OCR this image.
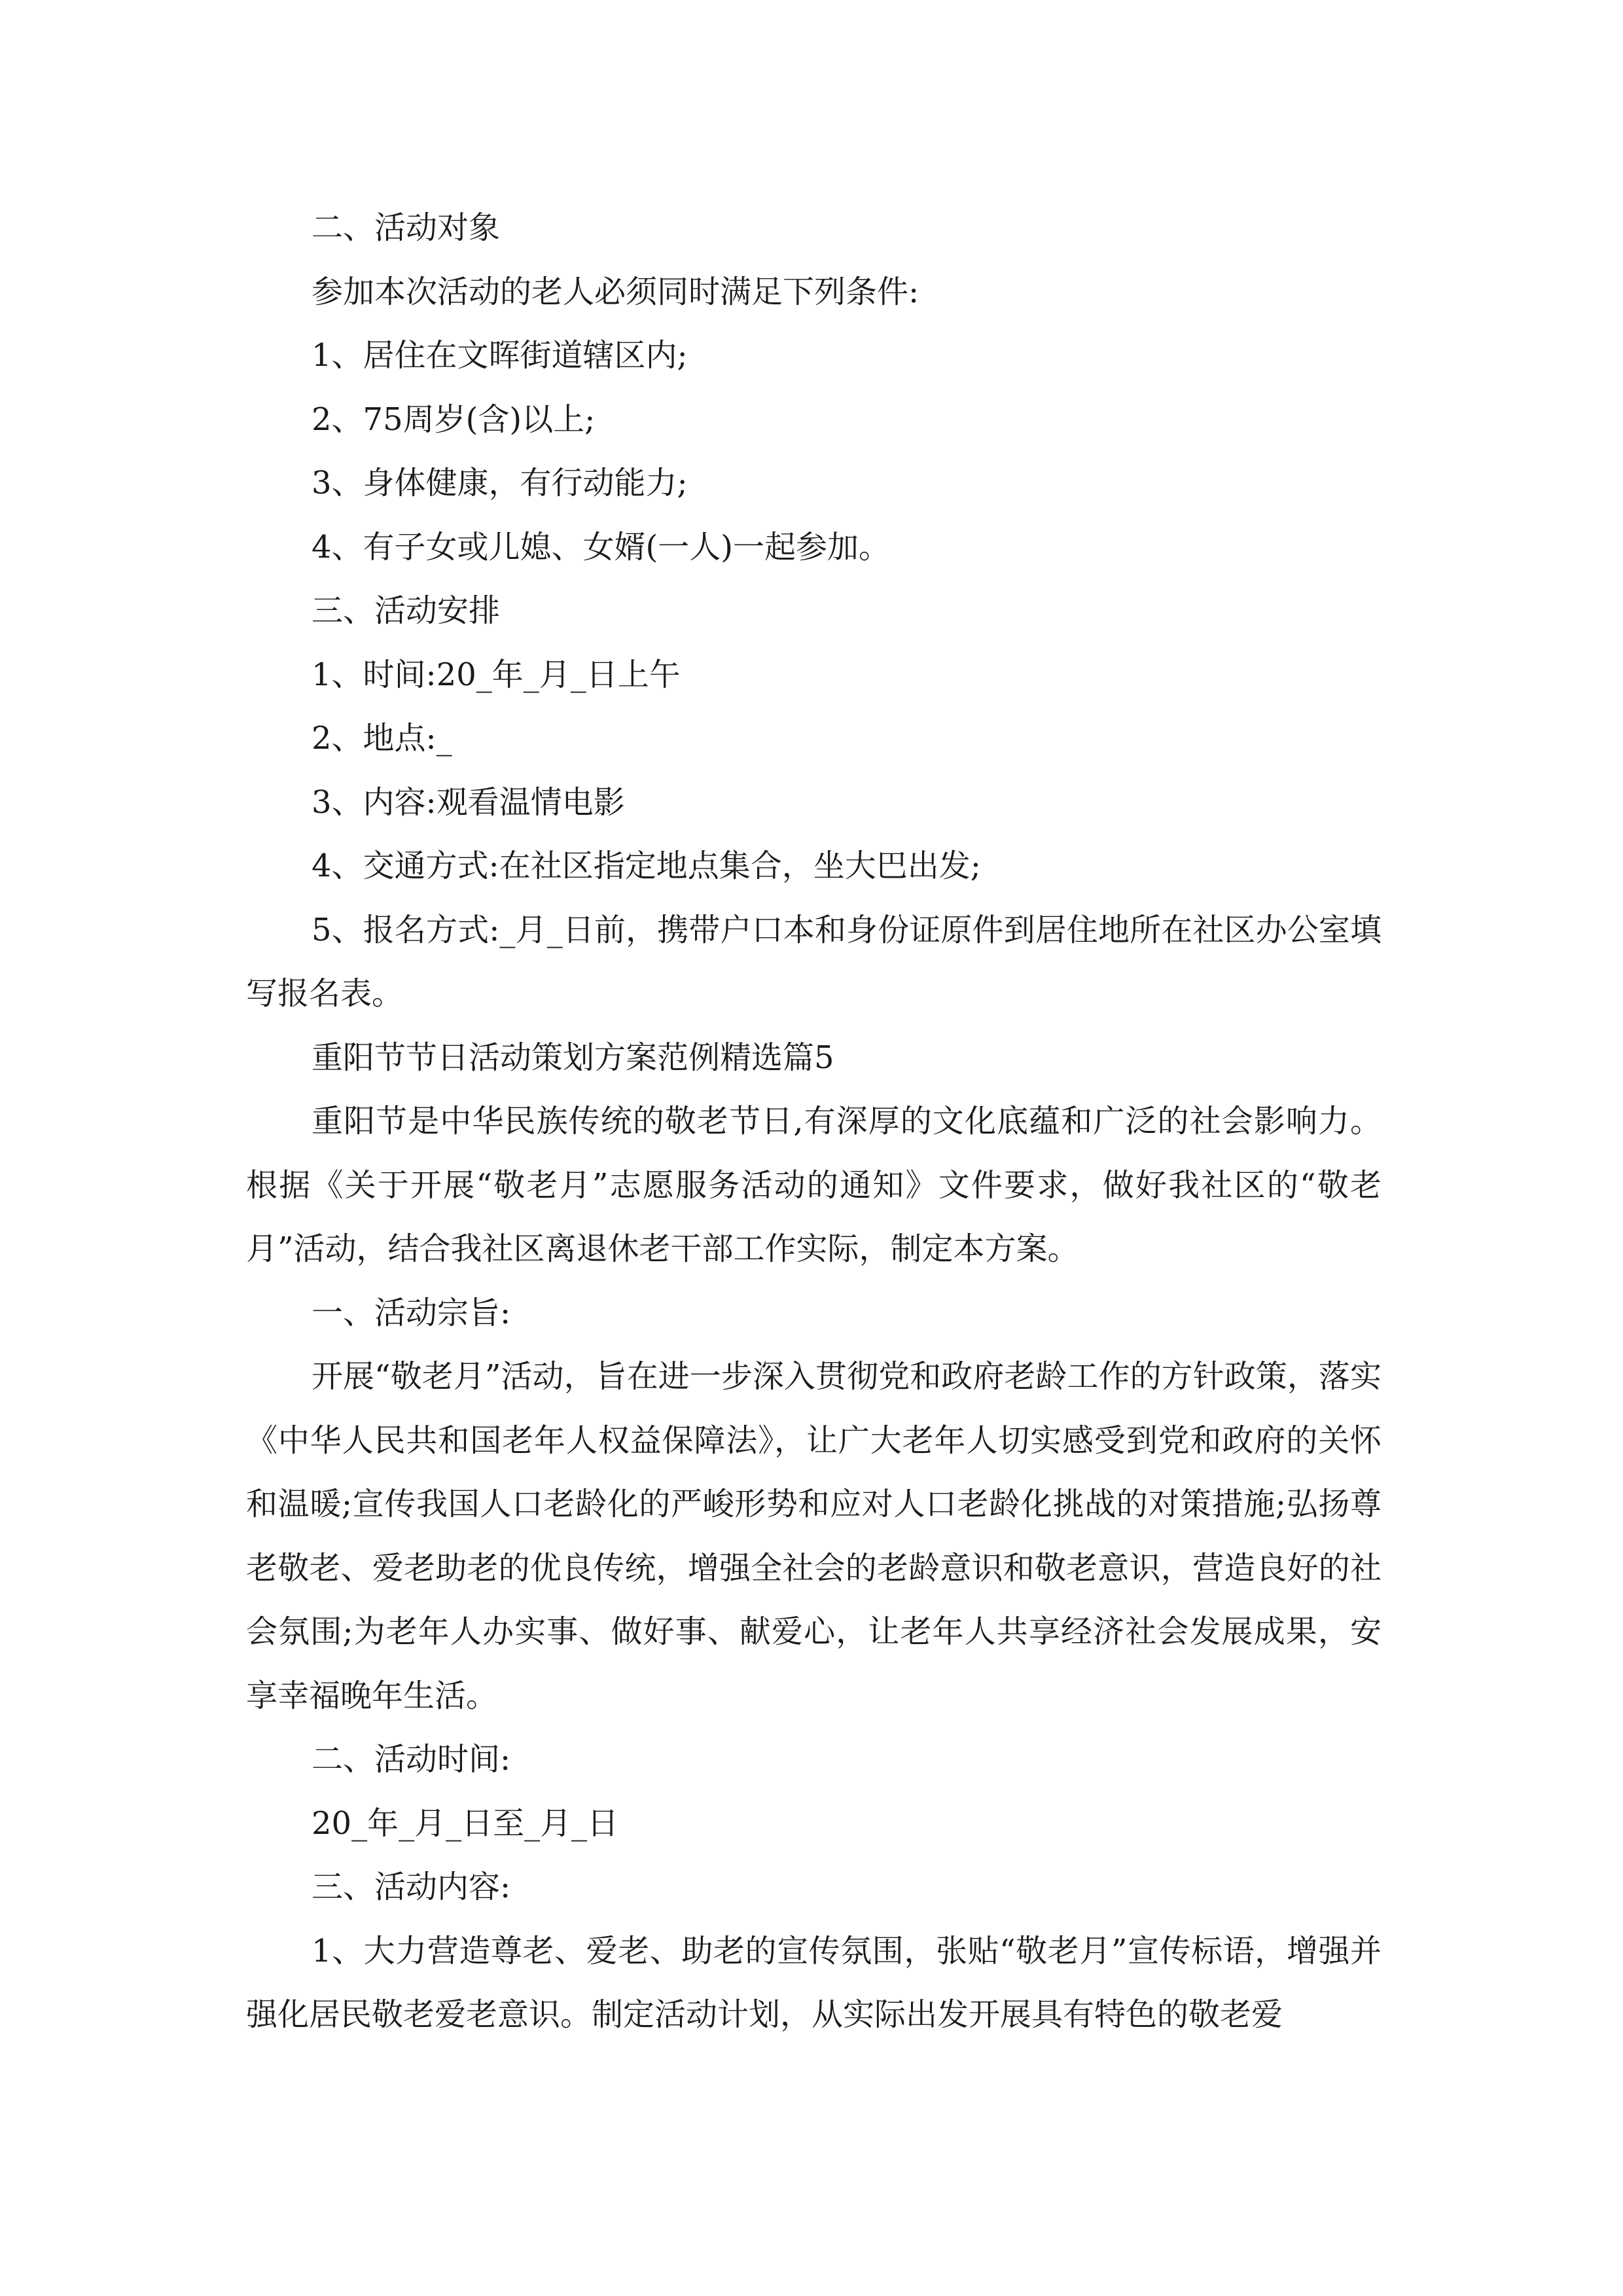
二、活动对象

参加本次活动的老人必须同时满足下列条件:

1、居住在文晖街道辖区内;

2、75周岁(含)以上;

3、身体健康，有行动能力;

4、有子女或儿媳、女婿(一人)一起参加。

三、活动安排

1、时间:20_年_月_日上午

2、地点:_

3、内容:观看温情电影

4、交通方式:在社区指定地点集合，坐大巴出发;

5、报名方式:_月_日前，携带户口本和身份证原件到居住地所在社区办公室填写报名表。

重阳节节日活动策划方案范例精选篇5

重阳节是中华民族传统的敬老节日,有深厚的文化底蕴和广泛的社会影响力。根据《关于开展“敬老月”志愿服务活动的通知》文件要求，做好我社区的“敬老月”活动，结合我社区离退休老干部工作实际，制定本方案。

一、活动宗旨:

开展“敬老月”活动，旨在进一步深入贯彻党和政府老龄工作的方针政策，落实《中华人民共和国老年人权益保障法》，让广大老年人切实感受到党和政府的关怀和温暖;宣传我国人口老龄化的严峻形势和应对人口老龄化挑战的对策措施;弘扬尊老敬老、爱老助老的优良传统，增强全社会的老龄意识和敬老意识，营造良好的社会氛围;为老年人办实事、做好事、献爱心，让老年人共享经济社会发展成果，安享幸福晚年生活。

二、活动时间:

20_年_月_日至_月_日

三、活动内容:

1、大力营造尊老、爱老、助老的宣传氛围，张贴“敬老月”宣传标语，增强并强化居民敬老爱老意识。制定活动计划，从实际出发开展具有特色的敬老爱
